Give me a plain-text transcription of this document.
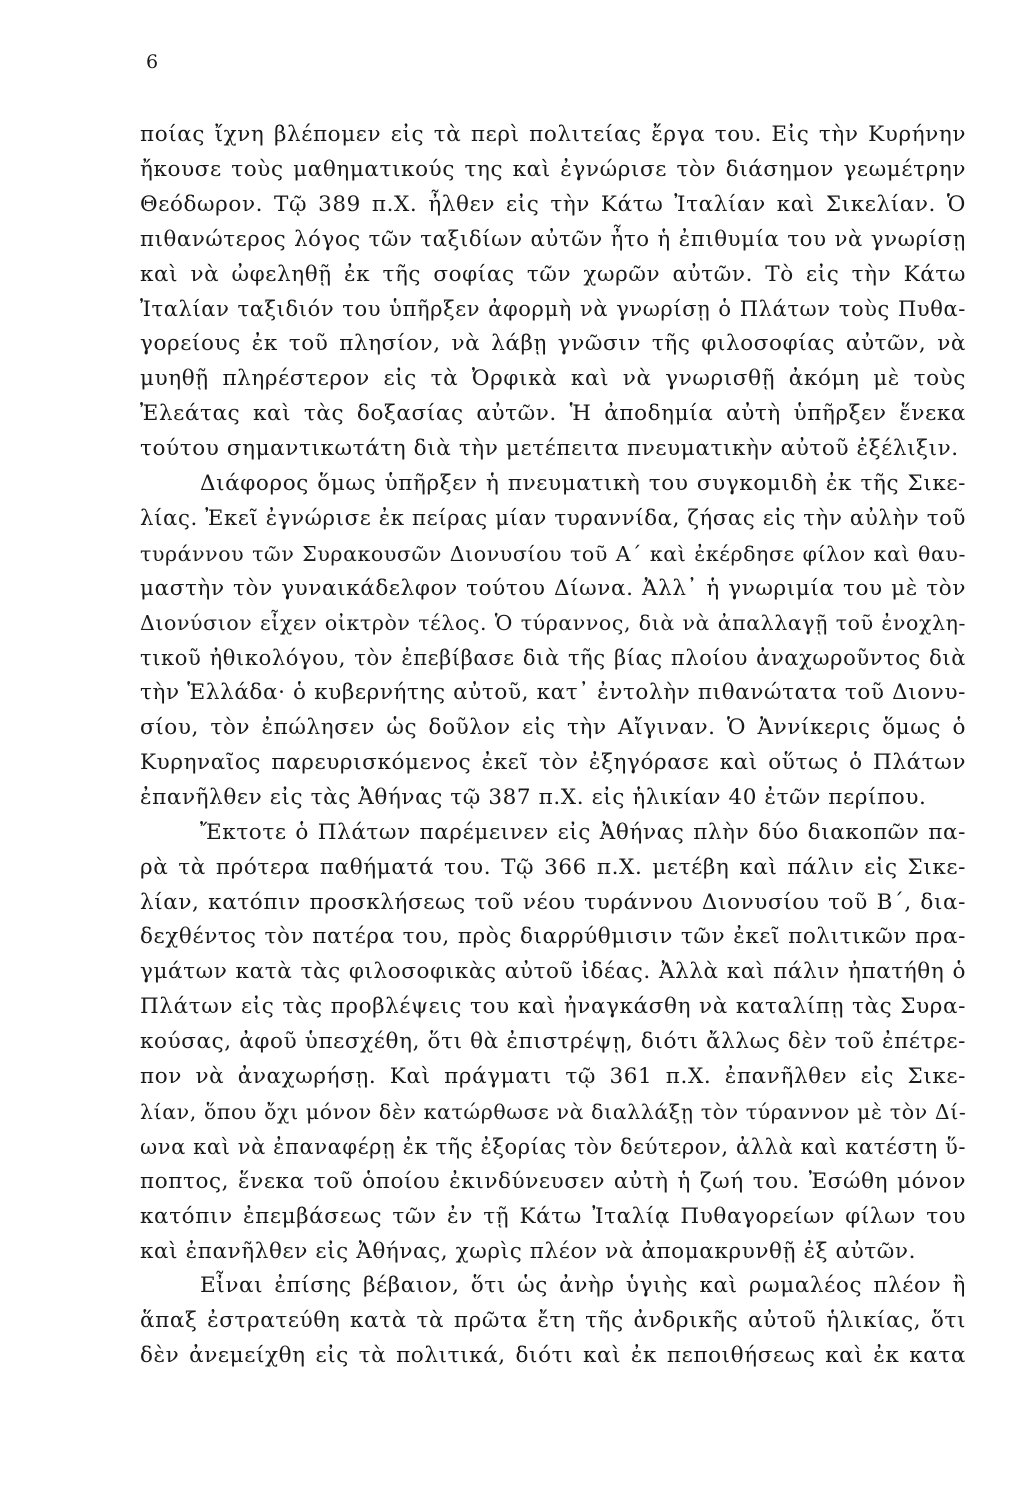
6
ποίας ἴχνη βλέπομεν εἰς τὰ περὶ πολιτείας ἔργα του. Εἰς τὴν Κυρήνην
ἤκουσε τοὺς μαθηματικούς της καὶ ἐγνώρισε τὸν διάσημον γεωμέτρην
Θεόδωρον. Τῷ 389 π.Χ. ἦλθεν εἰς τὴν Κάτω Ἰταλίαν καὶ Σικελίαν. Ὁ
πιθανώτερος λόγος τῶν ταξιδίων αὐτῶν ἦτο ἡ ἐπιθυμία του νὰ γνωρίσῃ
καὶ νὰ ὠφεληθῇ ἐκ τῆς σοφίας τῶν χωρῶν αὐτῶν. Τὸ εἰς τὴν Κάτω
Ἰταλίαν ταξιδιόν του ὑπῆρξεν ἀφορμὴ νὰ γνωρίσῃ ὁ Πλάτων τοὺς Πυθα-
γορείους ἐκ τοῦ πλησίον, νὰ λάβῃ γνῶσιν τῆς φιλοσοφίας αὐτῶν, νὰ
μυηθῇ πληρέστερον εἰς τὰ Ὀρφικὰ καὶ νὰ γνωρισθῇ ἀκόμη μὲ τοὺς
Ἐλεάτας καὶ τὰς δοξασίας αὐτῶν. Ἡ ἀποδημία αὐτὴ ὑπῆρξεν ἕνεκα
τούτου σημαντικωτάτη διὰ τὴν μετέπειτα πνευματικὴν αὐτοῦ ἐξέλιξιν.
Διάφορος ὅμως ὑπῆρξεν ἡ πνευματικὴ του συγκομιδὴ ἐκ τῆς Σικε-
λίας. Ἐκεῖ ἐγνώρισε ἐκ πείρας μίαν τυραννίδα, ζήσας εἰς τὴν αὐλὴν τοῦ
τυράννου τῶν Συρακουσῶν Διονυσίου τοῦ Α΄ καὶ ἐκέρδησε φίλον καὶ θαυ-
μαστὴν τὸν γυναικάδελφον τούτου Δίωνα. Ἀλλ᾽ ἡ γνωριμία του μὲ τὸν
Διονύσιον εἶχεν οἰκτρὸν τέλος. Ὁ τύραννος, διὰ νὰ ἀπαλλαγῇ τοῦ ἐνοχλη-
τικοῦ ἠθικολόγου, τὸν ἐπεβίβασε διὰ τῆς βίας πλοίου ἀναχωροῦντος διὰ
τὴν Ἑλλάδα· ὁ κυβερνήτης αὐτοῦ, κατ᾽ ἐντολὴν πιθανώτατα τοῦ Διονυ-
σίου, τὸν ἐπώλησεν ὡς δοῦλον εἰς τὴν Αἴγιναν. Ὁ Ἀννίκερις ὅμως ὁ
Κυρηναῖος παρευρισκόμενος ἐκεῖ τὸν ἐξηγόρασε καὶ οὕτως ὁ Πλάτων
ἐπανῆλθεν εἰς τὰς Ἀθήνας τῷ 387 π.Χ. εἰς ἡλικίαν 40 ἐτῶν περίπου.
Ἔκτοτε ὁ Πλάτων παρέμεινεν εἰς Ἀθήνας πλὴν δύο διακοπῶν πα-
ρὰ τὰ πρότερα παθήματά του. Τῷ 366 π.Χ. μετέβη καὶ πάλιν εἰς Σικε-
λίαν, κατόπιν προσκλήσεως τοῦ νέου τυράννου Διονυσίου τοῦ Β΄, δια-
δεχθέντος τὸν πατέρα του, πρὸς διαρρύθμισιν τῶν ἐκεῖ πολιτικῶν πρα-
γμάτων κατὰ τὰς φιλοσοφικὰς αὐτοῦ ἰδέας. Ἀλλὰ καὶ πάλιν ἠπατήθη ὁ
Πλάτων εἰς τὰς προβλέψεις του καὶ ἠναγκάσθη νὰ καταλίπῃ τὰς Συρα-
κούσας, ἀφοῦ ὑπεσχέθη, ὅτι θὰ ἐπιστρέψῃ, διότι ἄλλως δὲν τοῦ ἐπέτρε-
πον νὰ ἀναχωρήσῃ. Καὶ πράγματι τῷ 361 π.Χ. ἐπανῆλθεν εἰς Σικε-
λίαν, ὅπου ὄχι μόνον δὲν κατώρθωσε νὰ διαλλάξῃ τὸν τύραννον μὲ τὸν Δί-
ωνα καὶ νὰ ἐπαναφέρῃ ἐκ τῆς ἐξορίας τὸν δεύτερον, ἀλλὰ καὶ κατέστη ὕ-
ποπτος, ἕνεκα τοῦ ὁποίου ἐκινδύνευσεν αὐτὴ ἡ ζωή του. Ἐσώθη μόνον
κατόπιν ἐπεμβάσεως τῶν ἐν τῇ Κάτω Ἰταλίᾳ Πυθαγορείων φίλων του
καὶ ἐπανῆλθεν εἰς Ἀθήνας, χωρὶς πλέον νὰ ἀπομακρυνθῇ ἐξ αὐτῶν.
Εἶναι ἐπίσης βέβαιον, ὅτι ὡς ἀνὴρ ὑγιὴς καὶ ρωμαλέος πλέον ἢ
ἅπαξ ἐστρατεύθη κατὰ τὰ πρῶτα ἔτη τῆς ἀνδρικῆς αὐτοῦ ἡλικίας, ὅτι
δὲν ἀνεμείχθη εἰς τὰ πολιτικά, διότι καὶ ἐκ πεποιθήσεως καὶ ἐκ κατα
